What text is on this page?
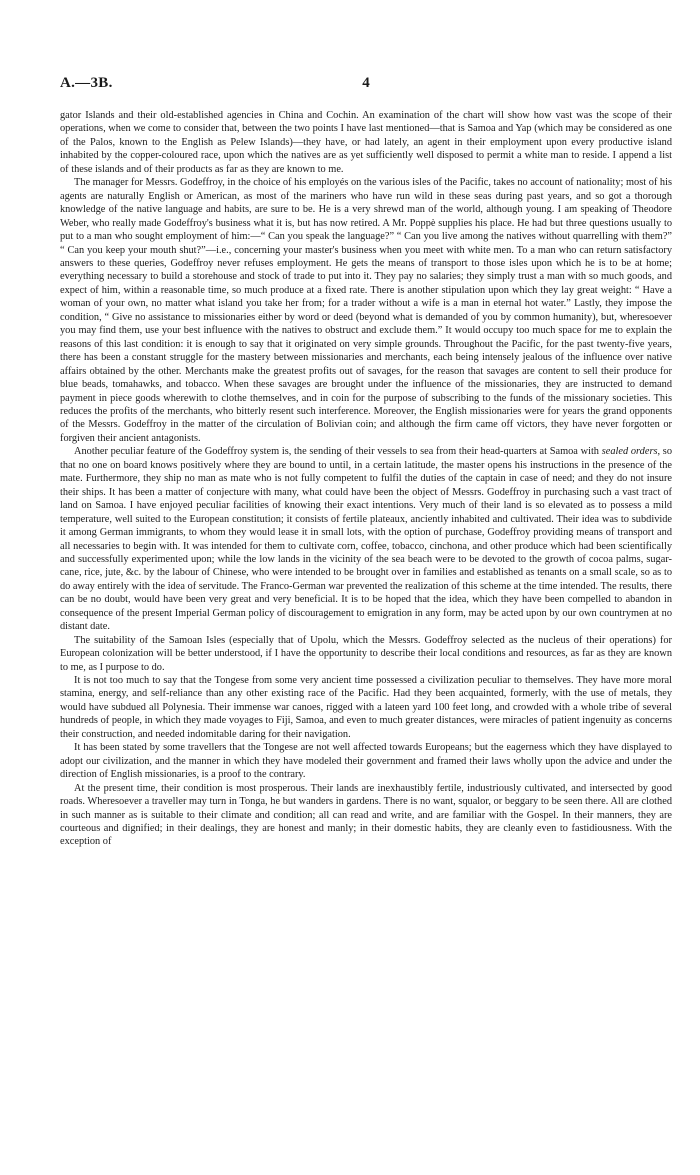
A.—3B.	4

gator Islands and their old-established agencies in China and Cochin. An examination of the chart will show how vast was the scope of their operations, when we come to consider that, between the two points I have last mentioned—that is Samoa and Yap (which may be considered as one of the Palos, known to the English as Pelew Islands)—they have, or had lately, an agent in their employment upon every productive island inhabited by the copper-coloured race, upon which the natives are as yet sufficiently well disposed to permit a white man to reside. I append a list of these islands and of their products as far as they are known to me.

The manager for Messrs. Godeffroy, in the choice of his employés on the various isles of the Pacific, takes no account of nationality; most of his agents are naturally English or American, as most of the mariners who have run wild in these seas during past years, and so got a thorough knowledge of the native language and habits, are sure to be. He is a very shrewd man of the world, although young. I am speaking of Theodore Weber, who really made Godeffroy's business what it is, but has now retired. A Mr. Poppè supplies his place. He had but three questions usually to put to a man who sought employment of him:—“ Can you speak the language?” “ Can you live among the natives without quarrelling with them?” “ Can you keep your mouth shut?”—i.e., concerning your master's business when you meet with white men. To a man who can return satisfactory answers to these queries, Godeffroy never refuses employment. He gets the means of transport to those isles upon which he is to be at home; everything necessary to build a storehouse and stock of trade to put into it. They pay no salaries; they simply trust a man with so much goods, and expect of him, within a reasonable time, so much produce at a fixed rate. There is another stipulation upon which they lay great weight: “ Have a woman of your own, no matter what island you take her from; for a trader without a wife is a man in eternal hot water.” Lastly, they impose the condition, “ Give no assistance to missionaries either by word or deed (beyond what is demanded of you by common humanity), but, wheresoever you may find them, use your best influence with the natives to obstruct and exclude them.” It would occupy too much space for me to explain the reasons of this last condition: it is enough to say that it originated on very simple grounds. Throughout the Pacific, for the past twenty-five years, there has been a constant struggle for the mastery between missionaries and merchants, each being intensely jealous of the influence over native affairs obtained by the other. Merchants make the greatest profits out of savages, for the reason that savages are content to sell their produce for blue beads, tomahawks, and tobacco. When these savages are brought under the influence of the missionaries, they are instructed to demand payment in piece goods wherewith to clothe themselves, and in coin for the purpose of subscribing to the funds of the missionary societies. This reduces the profits of the merchants, who bitterly resent such interference. Moreover, the English missionaries were for years the grand opponents of the Messrs. Godeffroy in the matter of the circulation of Bolivian coin; and although the firm came off victors, they have never forgotten or forgiven their ancient antagonists.

Another peculiar feature of the Godeffroy system is, the sending of their vessels to sea from their head-quarters at Samoa with sealed orders, so that no one on board knows positively where they are bound to until, in a certain latitude, the master opens his instructions in the presence of the mate. Furthermore, they ship no man as mate who is not fully competent to fulfil the duties of the captain in case of need; and they do not insure their ships. It has been a matter of conjecture with many, what could have been the object of Messrs. Godeffroy in purchasing such a vast tract of land on Samoa. I have enjoyed peculiar facilities of knowing their exact intentions. Very much of their land is so elevated as to possess a mild temperature, well suited to the European constitution; it consists of fertile plateaux, anciently inhabited and cultivated. Their idea was to subdivide it among German immigrants, to whom they would lease it in small lots, with the option of purchase, Godeffroy providing means of transport and all necessaries to begin with. It was intended for them to cultivate corn, coffee, tobacco, cinchona, and other produce which had been scientifically and successfully experimented upon; while the low lands in the vicinity of the sea beach were to be devoted to the growth of cocoa palms, sugar-cane, rice, jute, &c. by the labour of Chinese, who were intended to be brought over in families and established as tenants on a small scale, so as to do away entirely with the idea of servitude. The Franco-German war prevented the realization of this scheme at the time intended. The results, there can be no doubt, would have been very great and very beneficial. It is to be hoped that the idea, which they have been compelled to abandon in consequence of the present Imperial German policy of discouragement to emigration in any form, may be acted upon by our own countrymen at no distant date.

The suitability of the Samoan Isles (especially that of Upolu, which the Messrs. Godeffroy selected as the nucleus of their operations) for European colonization will be better understood, if I have the opportunity to describe their local conditions and resources, as far as they are known to me, as I purpose to do.

It is not too much to say that the Tongese from some very ancient time possessed a civilization peculiar to themselves. They have more moral stamina, energy, and self-reliance than any other existing race of the Pacific. Had they been acquainted, formerly, with the use of metals, they would have subdued all Polynesia. Their immense war canoes, rigged with a lateen yard 100 feet long, and crowded with a whole tribe of several hundreds of people, in which they made voyages to Fiji, Samoa, and even to much greater distances, were miracles of patient ingenuity as concerns their construction, and needed indomitable daring for their navigation.

It has been stated by some travellers that the Tongese are not well affected towards Europeans; but the eagerness which they have displayed to adopt our civilization, and the manner in which they have modeled their government and framed their laws wholly upon the advice and under the direction of English missionaries, is a proof to the contrary.

At the present time, their condition is most prosperous. Their lands are inexhaustibly fertile, industriously cultivated, and intersected by good roads. Wheresoever a traveller may turn in Tonga, he but wanders in gardens. There is no want, squalor, or beggary to be seen there. All are clothed in such manner as is suitable to their climate and condition; all can read and write, and are familiar with the Gospel. In their manners, they are courteous and dignified; in their dealings, they are honest and manly; in their domestic habits, they are cleanly even to fastidiousness. With the exception of
